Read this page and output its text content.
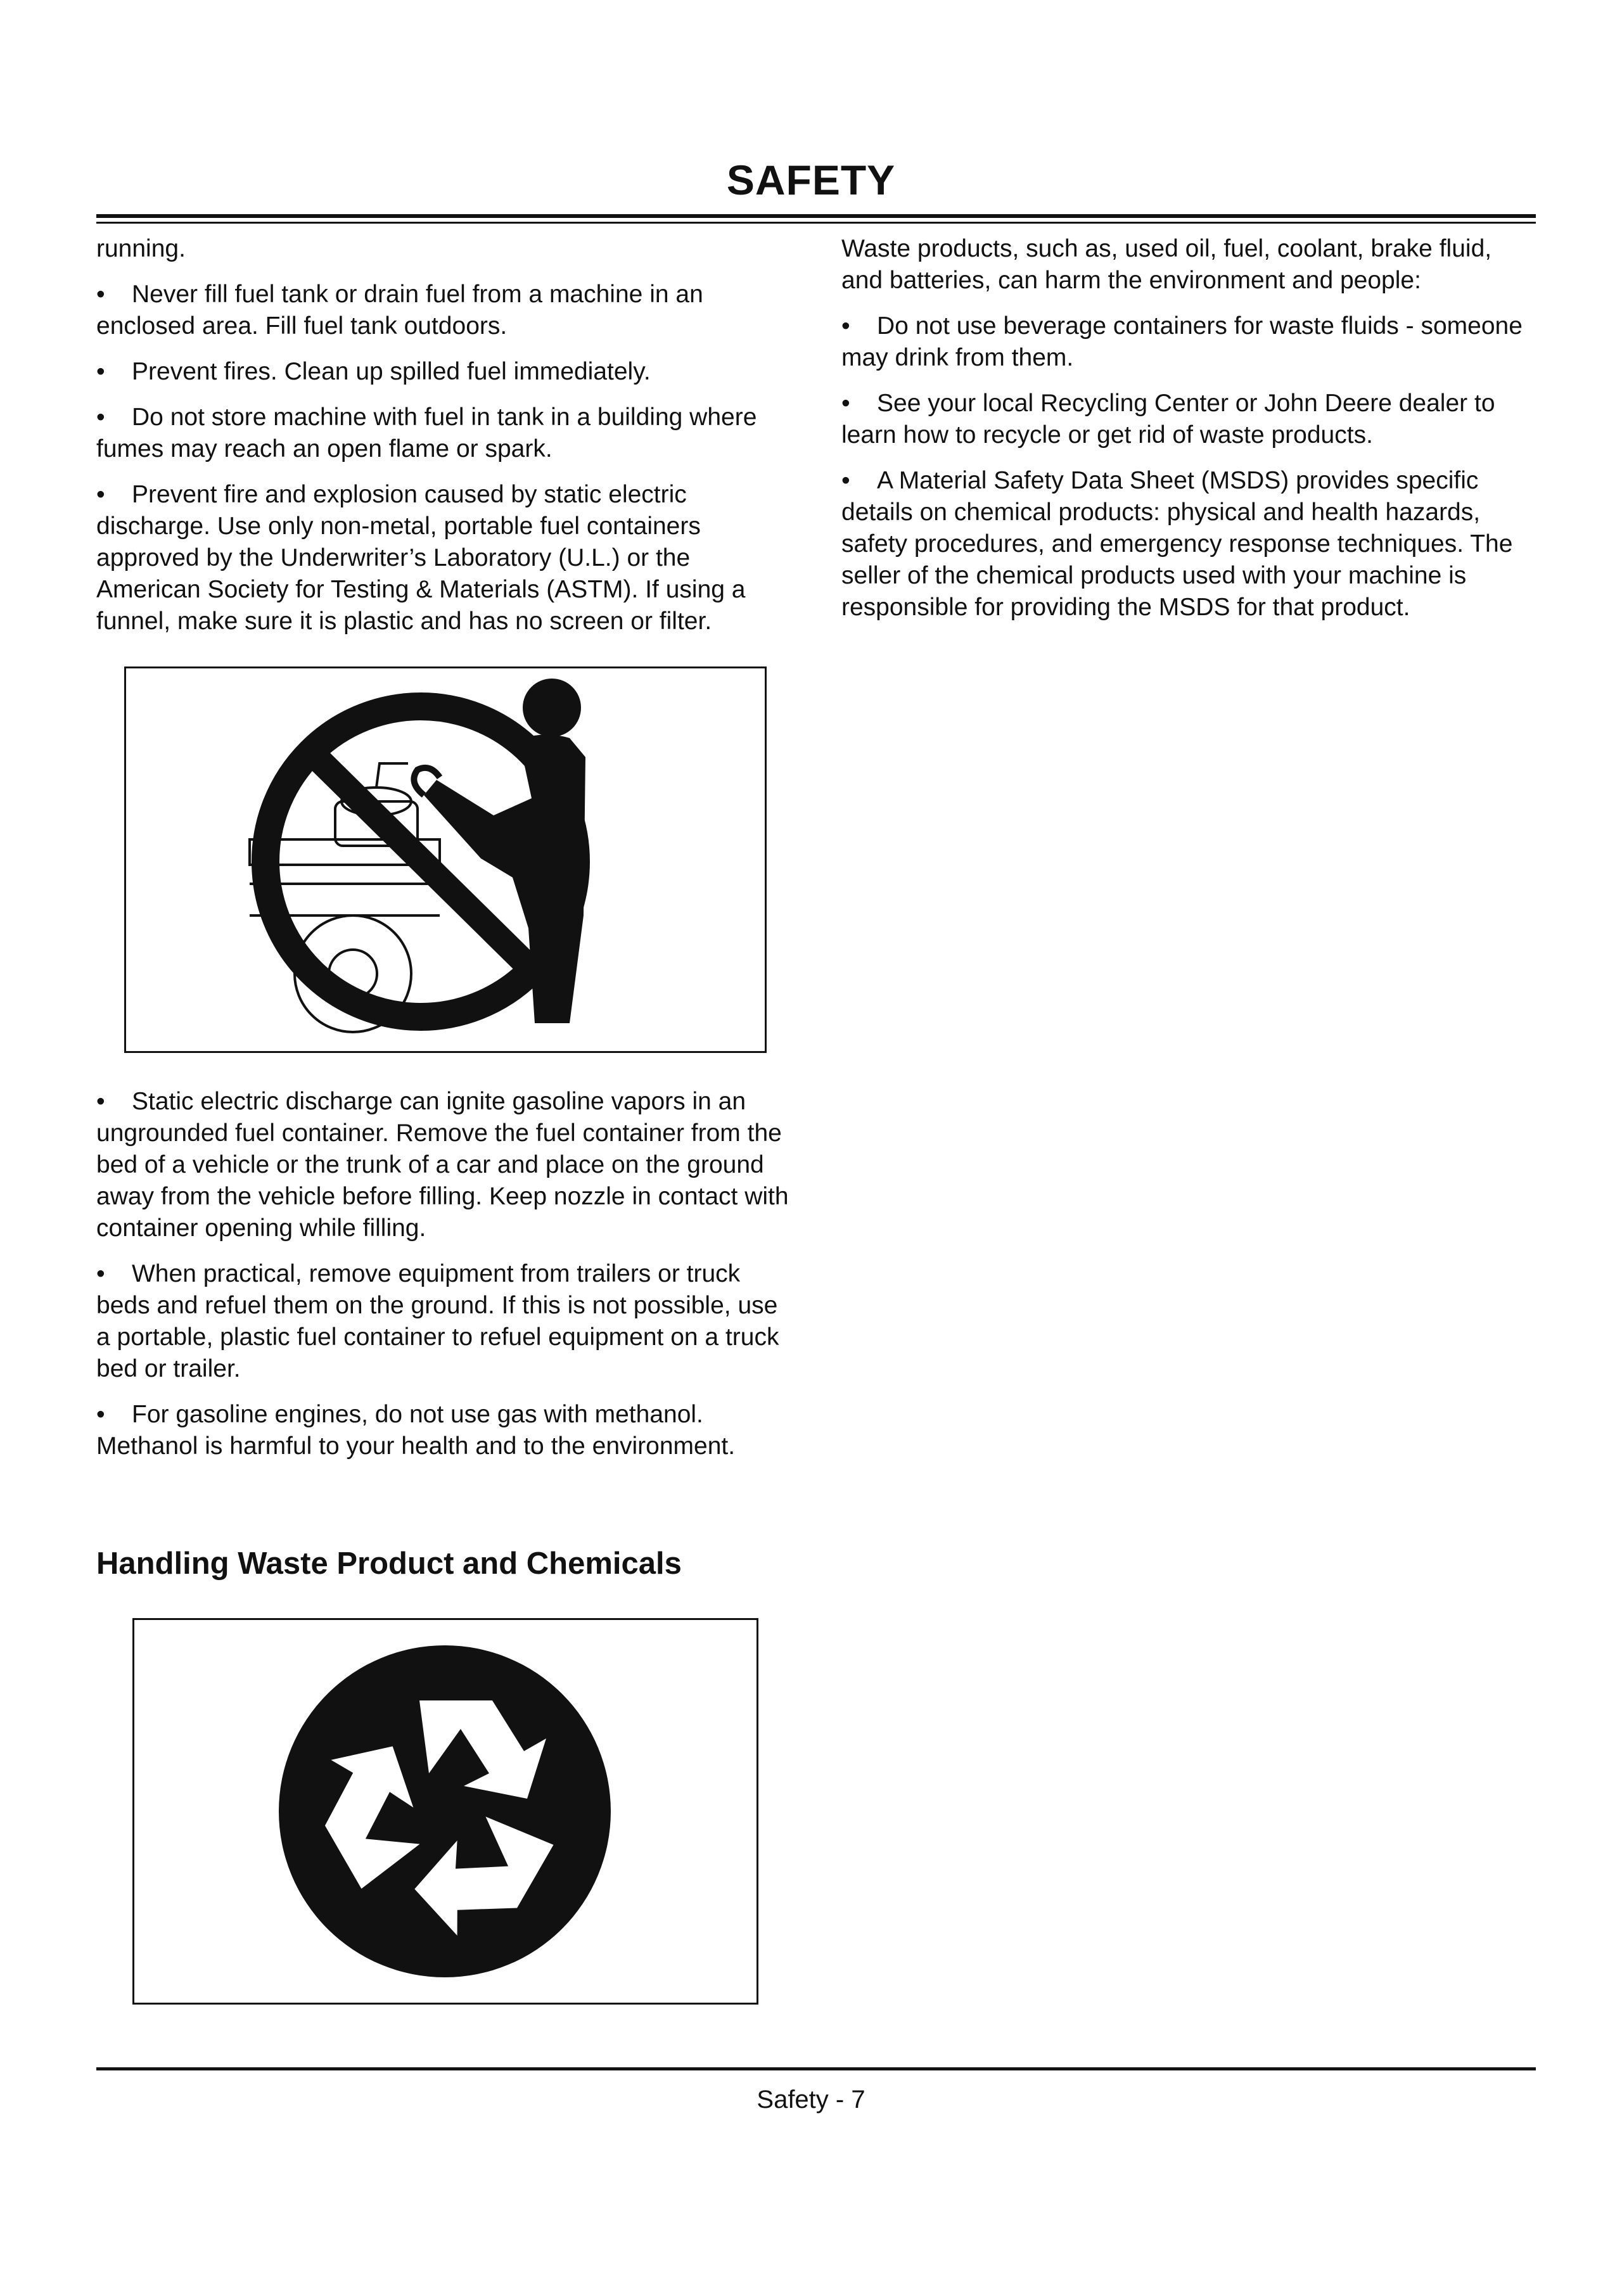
SAFETY

running.

• Never fill fuel tank or drain fuel from a machine in an enclosed area. Fill fuel tank outdoors.

• Prevent fires. Clean up spilled fuel immediately.

• Do not store machine with fuel in tank in a building where fumes may reach an open flame or spark.

• Prevent fire and explosion caused by static electric discharge. Use only non-metal, portable fuel containers approved by the Underwriter’s Laboratory (U.L.) or the American Society for Testing & Materials (ASTM). If using a funnel, make sure it is plastic and has no screen or filter.

• Static electric discharge can ignite gasoline vapors in an ungrounded fuel container. Remove the fuel container from the bed of a vehicle or the trunk of a car and place on the ground away from the vehicle before filling. Keep nozzle in contact with container opening while filling.

• When practical, remove equipment from trailers or truck beds and refuel them on the ground. If this is not possible, use a portable, plastic fuel container to refuel equipment on a truck bed or trailer.

• For gasoline engines, do not use gas with methanol. Methanol is harmful to your health and to the environment.

Handling Waste Product and Chemicals

Waste products, such as, used oil, fuel, coolant, brake fluid, and batteries, can harm the environment and people:

• Do not use beverage containers for waste fluids - someone may drink from them.

• See your local Recycling Center or John Deere dealer to learn how to recycle or get rid of waste products.

• A Material Safety Data Sheet (MSDS) provides specific details on chemical products: physical and health hazards, safety procedures, and emergency response techniques. The seller of the chemical products used with your machine is responsible for providing the MSDS for that product.

Safety - 7
